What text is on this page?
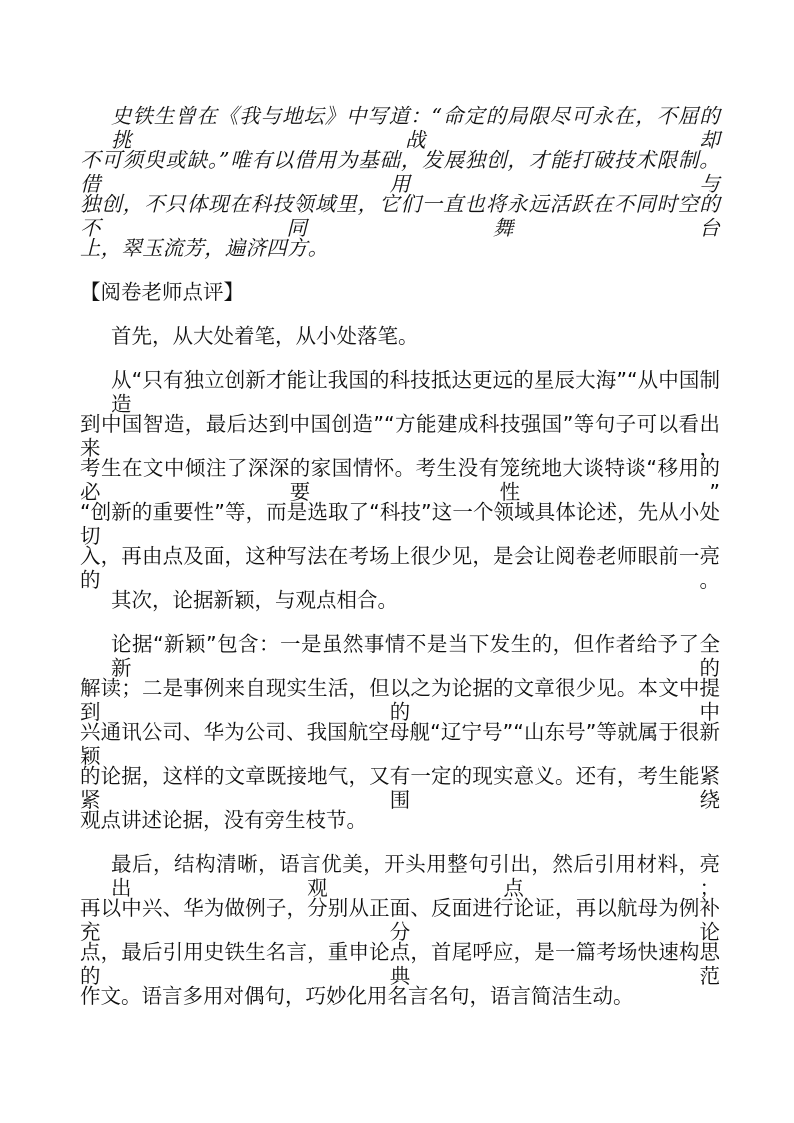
史铁生曾在《我与地坛》中写道：“命定的局限尽可永在，不屈的挑战却
不可须臾或缺。”唯有以借用为基础，发展独创，才能打破技术限制。借用与
独创，不只体现在科技领域里，它们一直也将永远活跃在不同时空的不同舞台
上，翠玉流芳，遍济四方。
【阅卷老师点评】
首先，从大处着笔，从小处落笔。
从“只有独立创新才能让我国的科技抵达更远的星辰大海”“从中国制造
到中国智造，最后达到中国创造”“方能建成科技强国”等句子可以看出来，
考生在文中倾注了深深的家国情怀。考生没有笼统地大谈特谈“移用的必要性”
“创新的重要性”等，而是选取了“科技”这一个领域具体论述，先从小处切
入，再由点及面，这种写法在考场上很少见，是会让阅卷老师眼前一亮的。
其次，论据新颖，与观点相合。
论据“新颖”包含：一是虽然事情不是当下发生的，但作者给予了全新的
解读；二是事例来自现实生活，但以之为论据的文章很少见。本文中提到的中
兴通讯公司、华为公司、我国航空母舰“辽宁号”“山东号”等就属于很新颖
的论据，这样的文章既接地气，又有一定的现实意义。还有，考生能紧紧围绕
观点讲述论据，没有旁生枝节。
最后，结构清晰，语言优美，开头用整句引出，然后引用材料，亮出观点；
再以中兴、华为做例子，分别从正面、反面进行论证，再以航母为例补充分论
点，最后引用史铁生名言，重申论点，首尾呼应，是一篇考场快速构思的典范
作文。语言多用对偶句，巧妙化用名言名句，语言简洁生动。
